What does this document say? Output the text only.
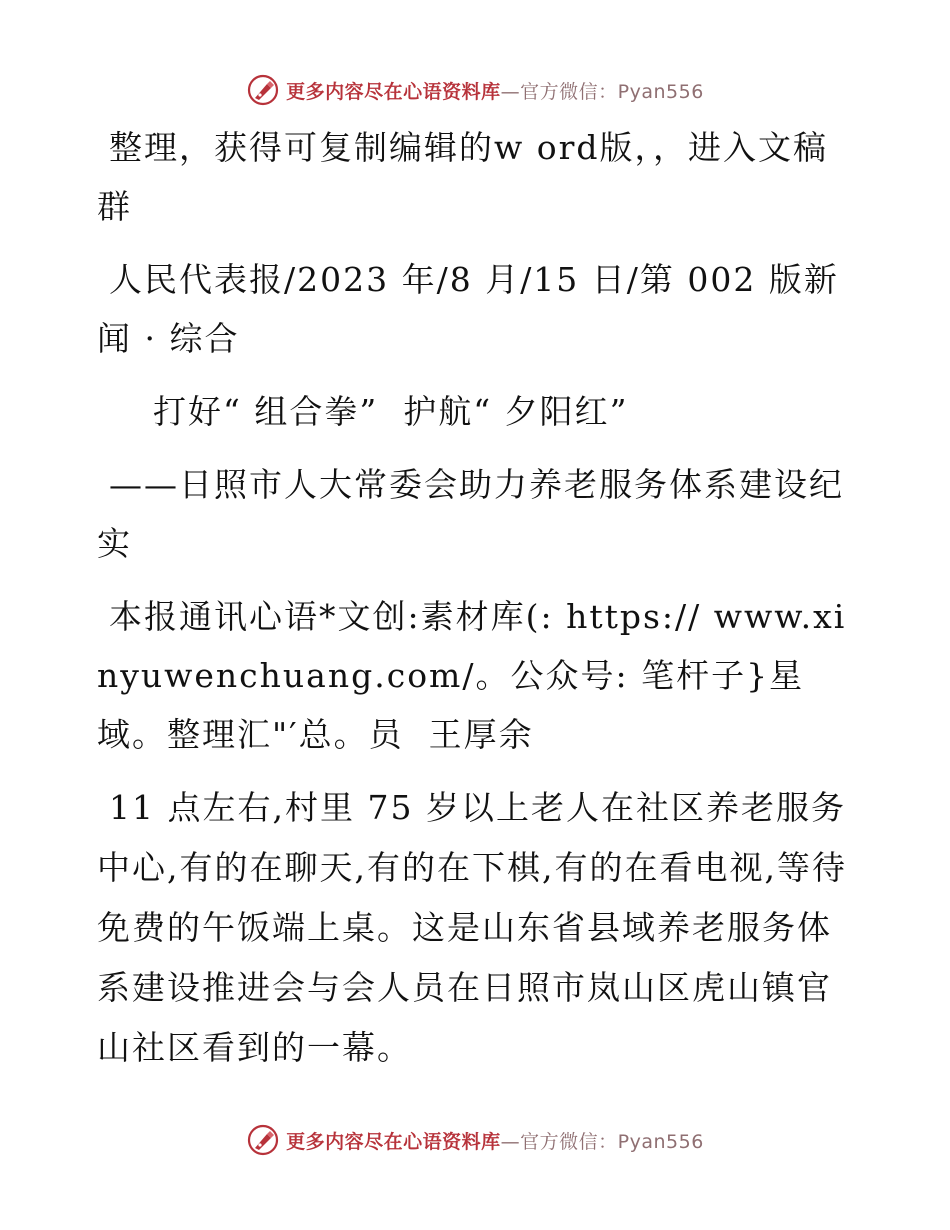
更多内容尽在心语资料库—官方微信：Pyan556

整理，获得可复制编辑的w ord版，，进入文稿群

人民代表报/2023 年/8 月/15 日/第 002 版新闻 · 综合

打好“ 组合拳”  护航“ 夕阳红”

——日照市人大常委会助力养老服务体系建设纪实

本报通讯心语*文创:素材库(: https:// www.xinyuwenchuang.com/。公众号: 笔杆子}星域。整理汇"′总。员  王厚余

11 点左右,村里 75 岁以上老人在社区养老服务中心,有的在聊天,有的在下棋,有的在看电视,等待免费的午饭端上桌。这是山东省县域养老服务体系建设推进会与会人员在日照市岚山区虎山镇官山社区看到的一幕。

更多内容尽在心语资料库—官方微信：Pyan556
